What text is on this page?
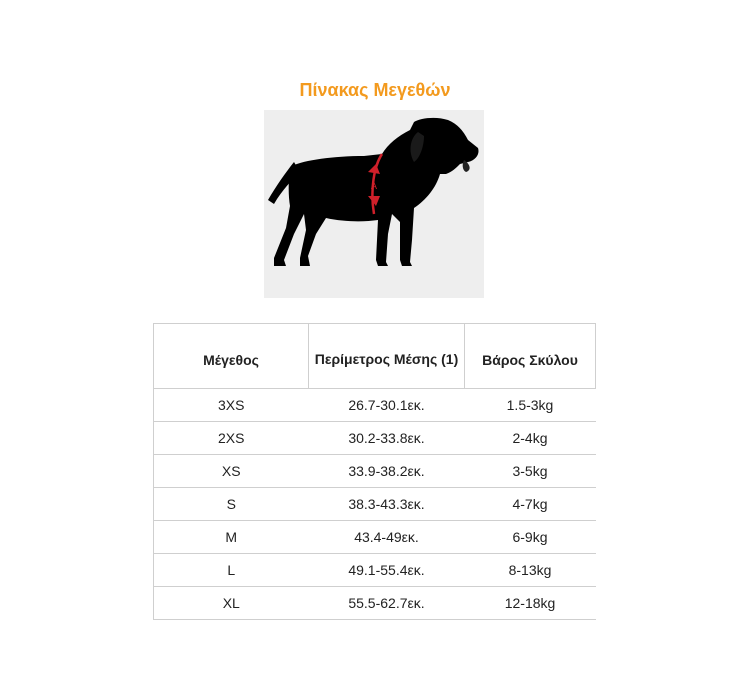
Πίνακας Μεγεθών
A
Μέγεθος	Περίμετρος Μέσης (1)	Βάρος Σκύλου
3XS	26.7-30.1εκ.	1.5-3kg
2XS	30.2-33.8εκ.	2-4kg
XS	33.9-38.2εκ.	3-5kg
S	38.3-43.3εκ.	4-7kg
M	43.4-49εκ.	6-9kg
L	49.1-55.4εκ.	8-13kg
XL	55.5-62.7εκ.	12-18kg
